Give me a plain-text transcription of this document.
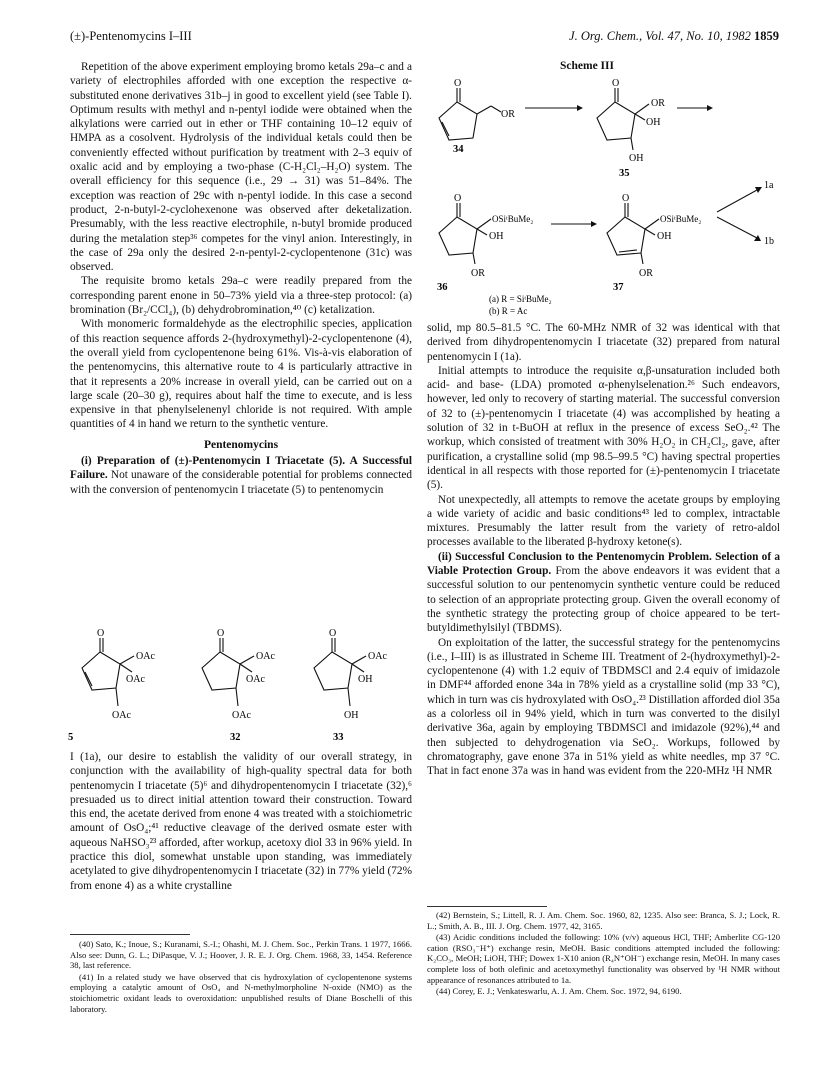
(±)-Pentenomycins I–III	J. Org. Chem., Vol. 47, No. 10, 1982 1859

Repetition of the above experiment employing bromo ketals 29a–c and a variety of electrophiles afforded with one exception the respective α-substituted enone derivatives 31b–j in good to excellent yield (see Table I). Optimum results with methyl and n-pentyl iodide were obtained when the alkylations were carried out in ether or THF containing 10–12 equiv of HMPA as a cosolvent. Hydrolysis of the individual ketals could then be conveniently effected without purification by treatment with 2–3 equiv of oxalic acid and by employing a two-phase (C-H₂Cl₂–H₂O) system. The overall efficiency for this sequence (i.e., 29 → 31) was 51–84%. The exception was reaction of 29c with n-pentyl iodide. In this case a second product, 2-n-butyl-2-cyclohexenone was observed after deketalization. Presumably, with the less reactive electrophile, n-butyl bromide produced during the metalation step³⁶ competes for the vinyl anion. Interestingly, in the case of 29a only the desired 2-n-pentyl-2-cyclopentenone (31c) was observed.

The requisite bromo ketals 29a–c were readily prepared from the corresponding parent enone in 50–73% yield via a three-step protocol: (a) bromination (Br₂/CCl₄), (b) dehydrobromination,⁴⁰ (c) ketalization.

With monomeric formaldehyde as the electrophilic species, application of this reaction sequence affords 2-(hydroxymethyl)-2-cyclopentenone (4), the overall yield from cyclopentenone being 61%. Vis-à-vis elaboration of the pentenomycins, this alternative route to 4 is particularly attractive in that it represents a 20% increase in overall yield, can be carried out on a large scale (20–30 g), requires about half the time to execute, and is less expensive in that phenylselenenyl chloride is not required. With ample quantities of 4 in hand we return to the synthetic venture.

Pentenomycins

(i) Preparation of (±)-Pentenomycin I Triacetate (5). A Successful Failure. Not unaware of the considerable potential for problems connected with the conversion of pentenomycin I triacetate (5) to pentenomycin

O
OAc
OAc
OAc
5
O
OAc
OAc
OAc
32
O
OAc
OH
OH
33

I (1a), our desire to establish the validity of our overall strategy, in conjunction with the availability of high-quality spectral data for both pentenomycin I triacetate (5)⁶ and dihydropentenomycin I triacetate (32),⁶ presuaded us to direct initial attention toward their construction. Toward this end, the acetate derived from enone 4 was treated with a stoichiometric amount of OsO₄;⁴¹ reductive cleavage of the derived osmate ester with aqueous NaHSO₃²³ afforded, after workup, acetoxy diol 33 in 96% yield. In practice this diol, somewhat unstable upon standing, was immediately acetylated to give dihydropentenomycin I triacetate (32) in 77% yield (72% from enone 4) as a white crystalline

(40) Sato, K.; Inoue, S.; Kuranami, S.-I.; Ohashi, M. J. Chem. Soc., Perkin Trans. 1 1977, 1666. Also see: Dunn, G. L.; DiPasque, V. J.; Hoover, J. R. E. J. Org. Chem. 1968, 33, 1454. Reference 38, last reference.

(41) In a related study we have observed that cis hydroxylation of cyclopentenone systems employing a catalytic amount of OsO₄ and N-methylmorpholine N-oxide (NMO) as the stoichiometric oxidant leads to overoxidation: unpublished results of Diane Boschelli of this laboratory.

Scheme III
O
OR
34
O
OR
OH
OH
35
O
OSiᵗBuMe₂
OH
OR
36
O
OSiᵗBuMe₂
OH
OR
37
1a
1b
(a) R = SiᵗBuMe₂
(b) R = Ac

solid, mp 80.5–81.5 °C. The 60-MHz NMR of 32 was identical with that derived from dihydropentenomycin I triacetate (32) prepared from natural pentenomycin I (1a).

Initial attempts to introduce the requisite α,β-unsaturation included both acid- and base- (LDA) promoted α-phenylselenation.²⁶ Such endeavors, however, led only to recovery of starting material. The successful conversion of 32 to (±)-pentenomycin I triacetate (4) was accomplished by heating a solution of 32 in t-BuOH at reflux in the presence of excess SeO₂.⁴² The workup, which consisted of treatment with 30% H₂O₂ in CH₂Cl₂, gave, after purification, a crystalline solid (mp 98.5–99.5 °C) having spectral properties identical in all respects with those reported for (±)-pentenomycin I triacetate (5).

Not unexpectedly, all attempts to remove the acetate groups by employing a wide variety of acidic and basic conditions⁴³ led to complex, intractable mixtures. Presumably the latter result from the variety of retro-aldol processes available to the liberated β-hydroxy ketone(s).

(ii) Successful Conclusion to the Pentenomycin Problem. Selection of a Viable Protection Group. From the above endeavors it was evident that a successful solution to our pentenomycin synthetic venture could be reduced to selection of an appropriate protecting group. Given the overall economy of the synthetic strategy the protecting group of choice appeared to be tert-butyldimethylsilyl (TBDMS).

On exploitation of the latter, the successful strategy for the pentenomycins (i.e., I–III) is as illustrated in Scheme III. Treatment of 2-(hydroxymethyl)-2-cyclopentenone (4) with 1.2 equiv of TBDMSCl and 2.4 equiv of imidazole in DMF⁴⁴ afforded enone 34a in 78% yield as a crystalline solid (mp 33 °C), which in turn was cis hydroxylated with OsO₄.²³ Distillation afforded diol 35a as a colorless oil in 94% yield, which in turn was converted to the disilyl derivative 36a, again by employing TBDMSCl and imidazole (92%),⁴⁴ and then subjected to dehydrogenation via SeO₂. Workups, followed by chromatography, gave enone 37a in 51% yield as white needles, mp 37 °C. That in fact enone 37a was in hand was evident from the 220-MHz ¹H NMR

(42) Bernstein, S.; Littell, R. J. Am. Chem. Soc. 1960, 82, 1235. Also see: Branca, S. J.; Lock, R. L.; Smith, A. B., III. J. Org. Chem. 1977, 42, 3165.

(43) Acidic conditions included the following: 10% (v/v) aqueous HCl, THF; Amberlite CG-120 cation (RSO₃⁻H⁺) exchange resin, MeOH. Basic conditions attempted included the following: K₂CO₃, MeOH; LiOH, THF; Dowex 1-X10 anion (R₄N⁺OH⁻) exchange resin, MeOH. In many cases complete loss of both olefinic and acetoxymethyl functionality was observed by ¹H NMR without appearance of resonances attributed to 1a.

(44) Corey, E. J.; Venkateswarlu, A. J. Am. Chem. Soc. 1972, 94, 6190.
